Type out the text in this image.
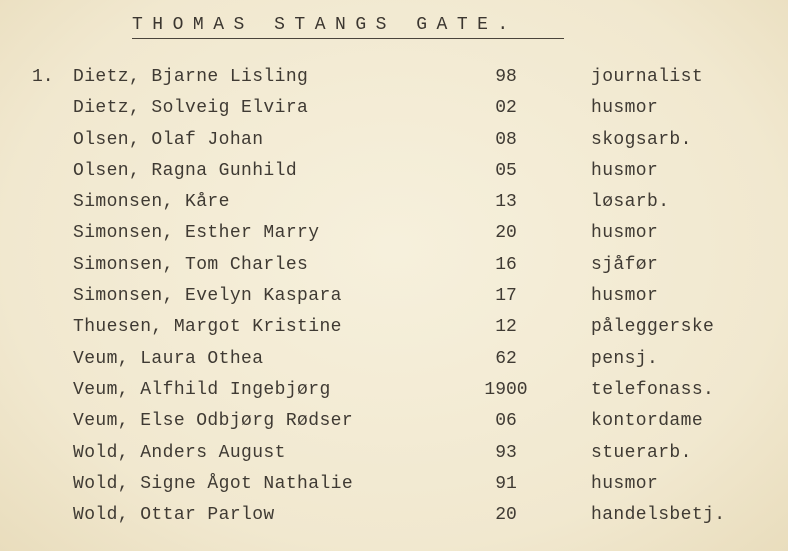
THOMAS STANGS GATE.
1. Dietz, Bjarne Lisling	98	journalist
Dietz, Solveig Elvira	02	husmor
Olsen, Olaf Johan	08	skogsarb.
Olsen, Ragna Gunhild	05	husmor
Simonsen, Kåre	13	løsarb.
Simonsen, Esther Marry	20	husmor
Simonsen, Tom Charles	16	sjåfør
Simonsen, Evelyn Kaspara	17	husmor
Thuesen, Margot Kristine	12	påleggerske
Veum, Laura Othea	62	pensj.
Veum, Alfhild Ingebjørg	1900	telefonass.
Veum, Else Odbjørg Rødser	06	kontordame
Wold, Anders August	93	stuerarb.
Wold, Signe Ågot Nathalie	91	husmor
Wold, Ottar Parlow	20	handelsbetj.
